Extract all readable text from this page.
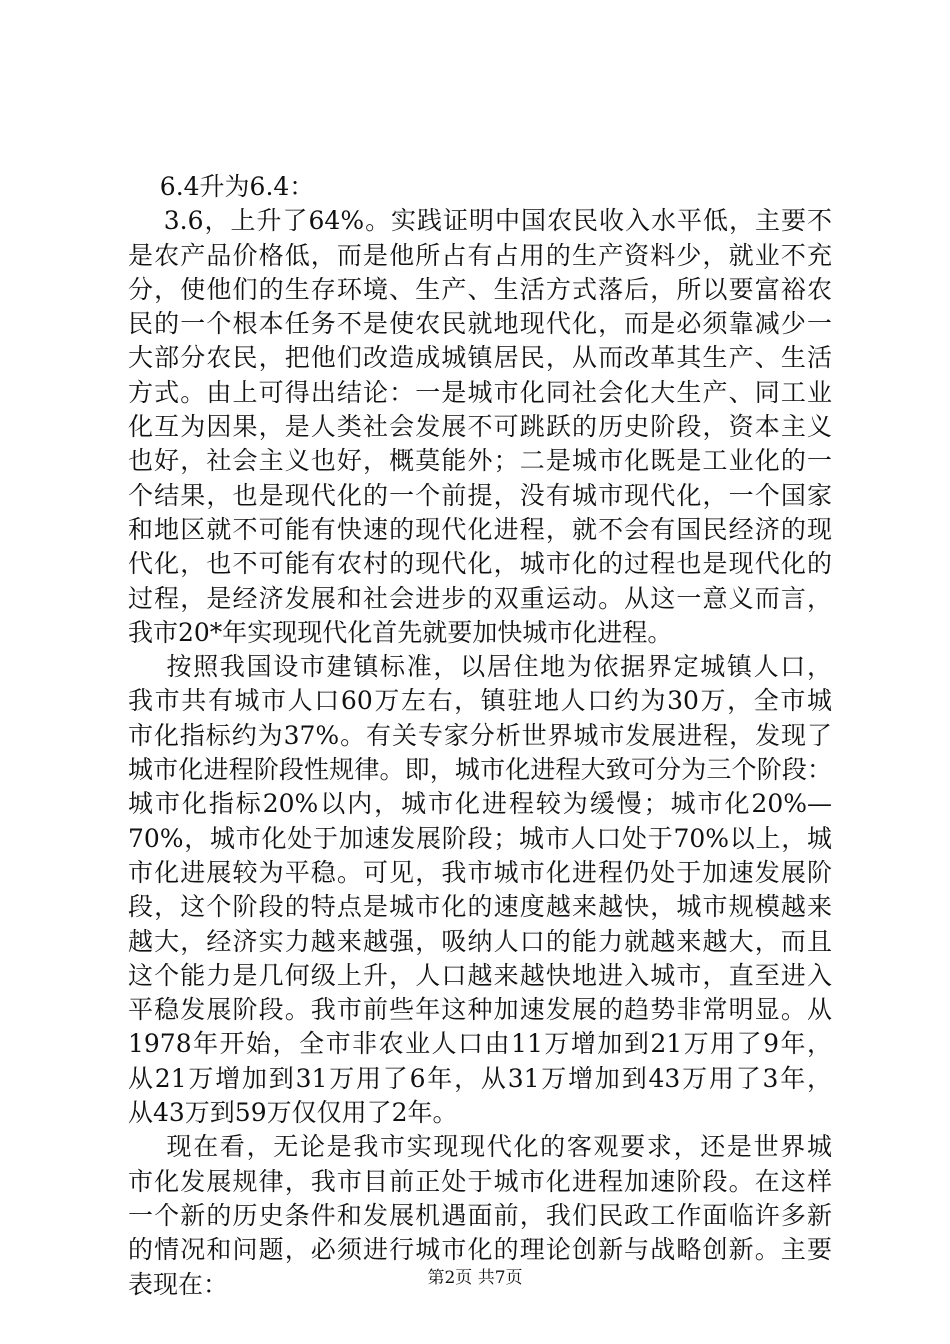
6.4升为6.4：
3.6，上升了64%。实践证明中国农民收入水平低，主要不
是农产品价格低，而是他所占有占用的生产资料少，就业不充
分，使他们的生存环境、生产、生活方式落后，所以要富裕农
民的一个根本任务不是使农民就地现代化，而是必须靠减少一
大部分农民，把他们改造成城镇居民，从而改革其生产、生活
方式。由上可得出结论：一是城市化同社会化大生产、同工业
化互为因果，是人类社会发展不可跳跃的历史阶段，资本主义
也好，社会主义也好，概莫能外；二是城市化既是工业化的一
个结果，也是现代化的一个前提，没有城市现代化，一个国家
和地区就不可能有快速的现代化进程，就不会有国民经济的现
代化，也不可能有农村的现代化，城市化的过程也是现代化的
过程，是经济发展和社会进步的双重运动。从这一意义而言，
我市20*年实现现代化首先就要加快城市化进程。
按照我国设市建镇标准，以居住地为依据界定城镇人口，
我市共有城市人口60万左右，镇驻地人口约为30万，全市城
市化指标约为37%。有关专家分析世界城市发展进程，发现了
城市化进程阶段性规律。即，城市化进程大致可分为三个阶段：
城市化指标20%以内，城市化进程较为缓慢；城市化20%—
70%，城市化处于加速发展阶段；城市人口处于70%以上，城
市化进展较为平稳。可见，我市城市化进程仍处于加速发展阶
段，这个阶段的特点是城市化的速度越来越快，城市规模越来
越大，经济实力越来越强，吸纳人口的能力就越来越大，而且
这个能力是几何级上升，人口越来越快地进入城市，直至进入
平稳发展阶段。我市前些年这种加速发展的趋势非常明显。从
1978年开始，全市非农业人口由11万增加到21万用了9年，
从21万增加到31万用了6年，从31万增加到43万用了3年，
从43万到59万仅仅用了2年。
现在看，无论是我市实现现代化的客观要求，还是世界城
市化发展规律，我市目前正处于城市化进程加速阶段。在这样
一个新的历史条件和发展机遇面前，我们民政工作面临许多新
的情况和问题，必须进行城市化的理论创新与战略创新。主要
表现在：	第2页 共7页
